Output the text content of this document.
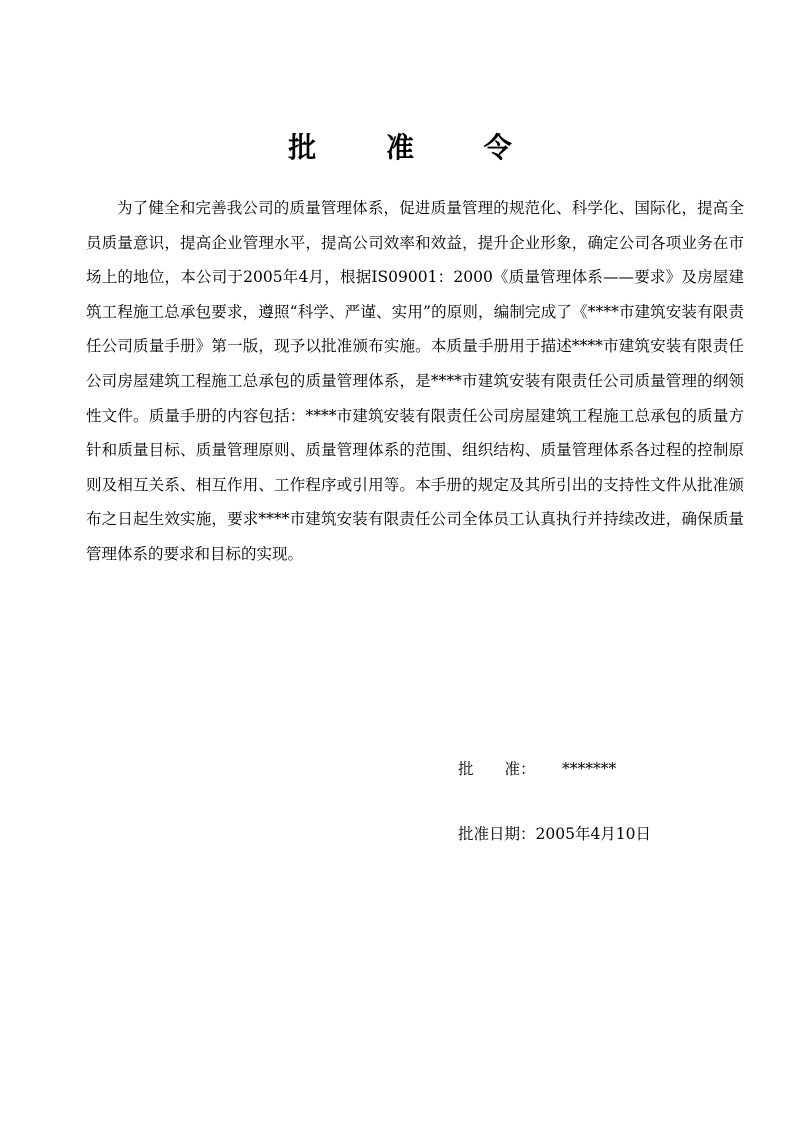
批 准 令

为了健全和完善我公司的质量管理体系，促进质量管理的规范化、科学化、国际化，提高全员质量意识，提高企业管理水平，提高公司效率和效益，提升企业形象，确定公司各项业务在市场上的地位，本公司于2005年4月，根据IS09001：2000《质量管理体系——要求》及房屋建筑工程施工总承包要求，遵照“科学、严谨、实用”的原则，编制完成了《****市建筑安装有限责任公司质量手册》第一版，现予以批准颁布实施。本质量手册用于描述****市建筑安装有限责任公司房屋建筑工程施工总承包的质量管理体系，是****市建筑安装有限责任公司质量管理的纲领性文件。质量手册的内容包括：****市建筑安装有限责任公司房屋建筑工程施工总承包的质量方针和质量目标、质量管理原则、质量管理体系的范围、组织结构、质量管理体系各过程的控制原则及相互关系、相互作用、工作程序或引用等。本手册的规定及其所引出的支持性文件从批准颁布之日起生效实施，要求****市建筑安装有限责任公司全体员工认真执行并持续改进，确保质量管理体系的要求和目标的实现。

批　　准： *******
批准日期：2005年4月10日
